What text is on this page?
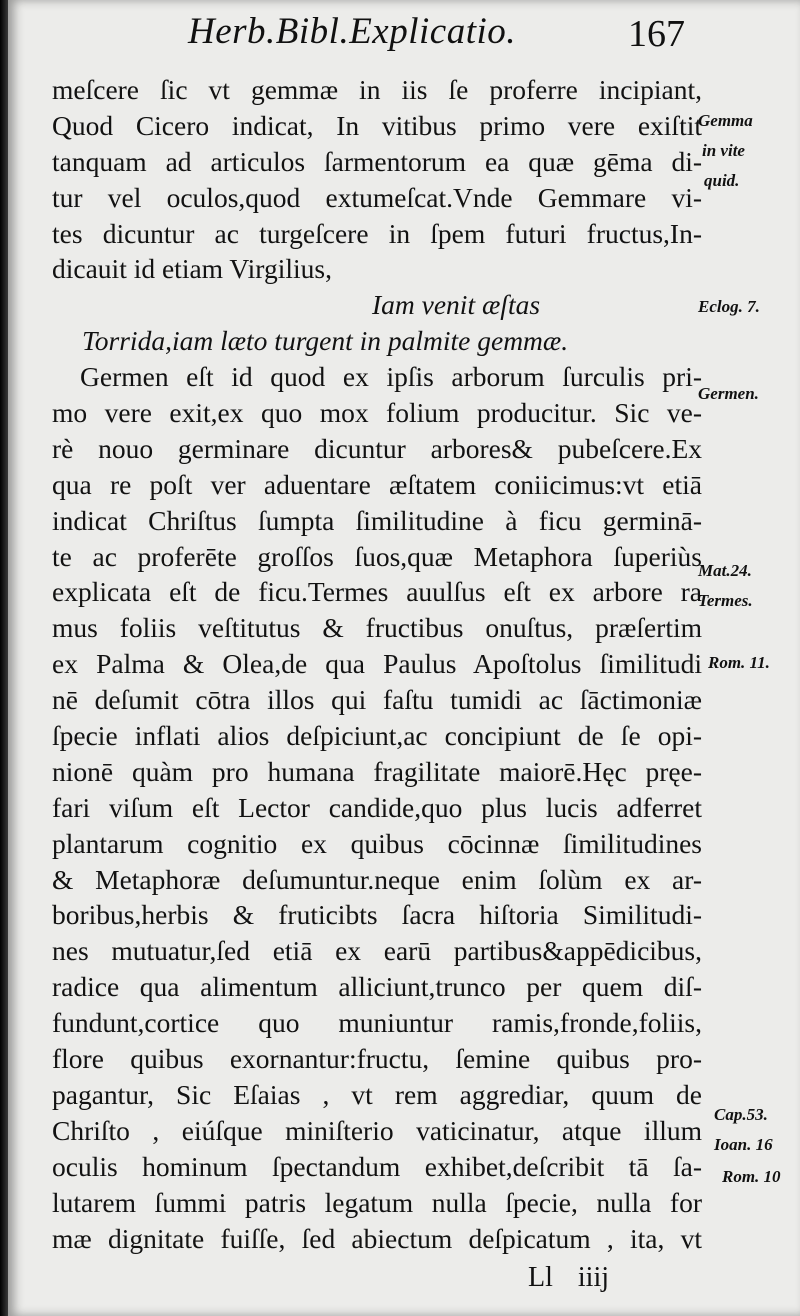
Herb.Bibl.Explicatio.	167
meſcere ſic vt gemmæ in iis ſe proferre incipiant,
Quod Cicero indicat, In vitibus primo vere exiſtit
tanquam ad articulos ſarmentorum ea quæ gēma di-
tur vel oculos,quod extumeſcat.Vnde Gemmare vi-
tes dicuntur ac turgeſcere in ſpem futuri fructus,In-
dicauit id etiam Virgilius,
Iam venit æſtas
Torrida,iam læto turgent in palmite gemmæ.
Germen eſt id quod ex ipſis arborum ſurculis pri-
mo vere exit,ex quo mox folium producitur. Sic ve-
rè nouo germinare dicuntur arbores& pubeſcere.Ex
qua re poſt ver aduentare æſtatem coniicimus:vt etiā
indicat Chriſtus ſumpta ſimilitudine à ficu germinā-
te ac proferēte groſſos ſuos,quæ Metaphora ſuperiùs
explicata eſt de ficu.Termes auulſus eſt ex arbore ra
mus foliis veſtitutus & fructibus onuſtus, præſertim
ex Palma & Olea,de qua Paulus Apoſtolus ſimilitudi
nē deſumit cōtra illos qui faſtu tumidi ac ſāctimoniæ
ſpecie inflati alios deſpiciunt,ac concipiunt de ſe opi-
nionē quàm pro humana fragilitate maiorē.Hęc pręe-
fari viſum eſt Lector candide,quo plus lucis adferret
plantarum cognitio ex quibus cōcinnæ ſimilitudines
& Metaphoræ deſumuntur.neque enim ſolùm ex ar-
boribus,herbis & fruticibts ſacra hiſtoria Similitudi-
nes mutuatur,ſed etiā ex earū partibus&appēdicibus,
radice qua alimentum alliciunt,trunco per quem diſ-
fundunt,cortice quo muniuntur ramis,fronde,foliis,
flore quibus exornantur:fructu, ſemine quibus pro-
pagantur, Sic Eſaias , vt rem aggrediar, quum de
Chriſto , eiúſque miniſterio vaticinatur, atque illum
oculis hominum ſpectandum exhibet,deſcribit tā ſa-
lutarem ſummi patris legatum nulla ſpecie, nulla for
mæ dignitate fuiſſe, ſed abiectum deſpicatum , ita, vt
Gemma
in vite
quid.
Eclog. 7.
Germen.
Mat.24.
Termes.
Rom. 11.
Cap.53.
Ioan. 16
Rom. 10
Ll iiij
